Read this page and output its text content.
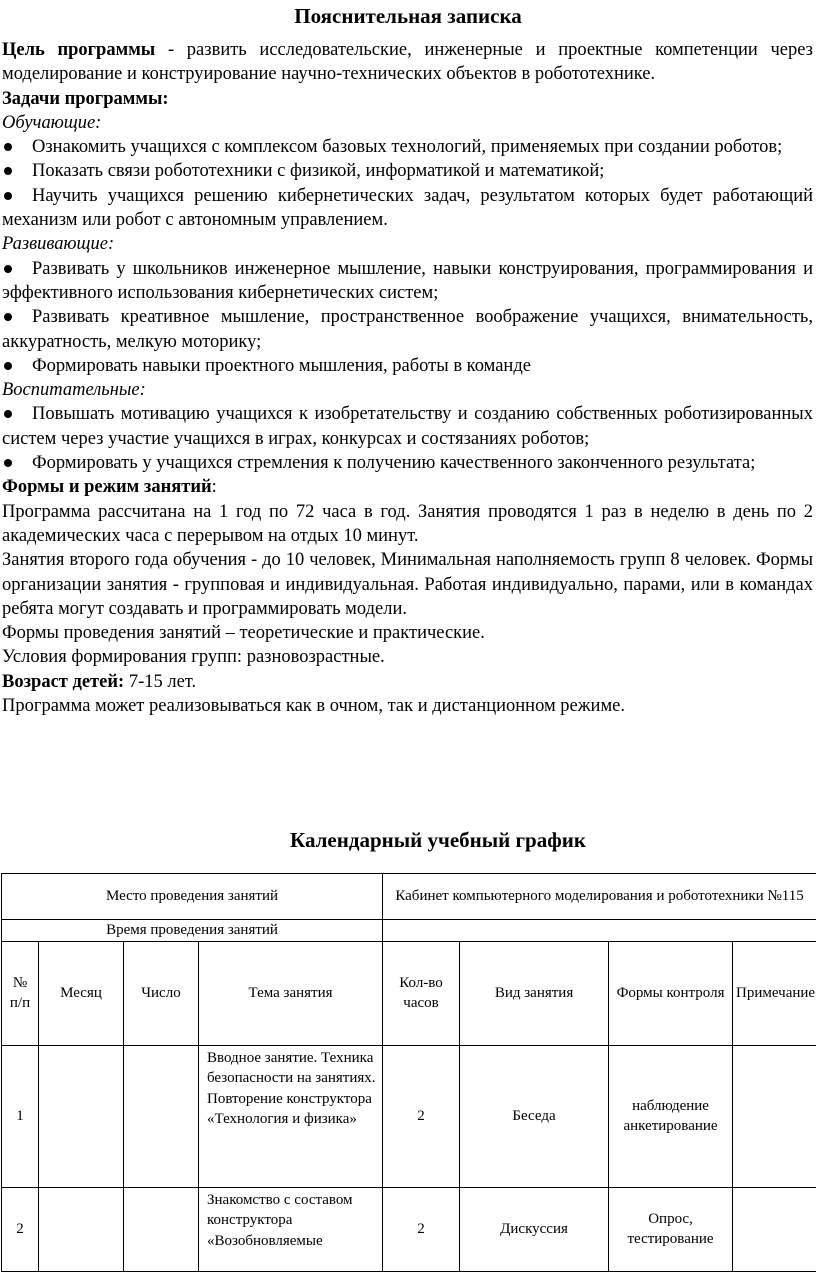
Пояснительная записка

Цель программы - развить исследовательские, инженерные и проектные компетенции через моделирование и конструирование научно-технических объектов в робототехнике.

Задачи программы:

Обучающие:

Ознакомить учащихся с комплексом базовых технологий, применяемых при создании роботов;

Показать связи робототехники с физикой, информатикой и математикой;

Научить учащихся решению кибернетических задач, результатом которых будет работающий механизм или робот с автономным управлением.

Развивающие:

Развивать у школьников инженерное мышление, навыки конструирования, программирования и эффективного использования кибернетических систем;

Развивать креативное мышление, пространственное воображение учащихся, внимательность, аккуратность, мелкую моторику;

Формировать навыки проектного мышления, работы в команде

Воспитательные:

Повышать мотивацию учащихся к изобретательству и созданию собственных роботизированных систем через участие учащихся в играх, конкурсах и состязаниях роботов;

Формировать у учащихся стремления к получению качественного законченного результата;

Формы и режим занятий:

Программа рассчитана на 1 год по 72 часа в год. Занятия проводятся 1 раз в неделю в день по 2 академических часа с перерывом на отдых 10 минут.

Занятия второго года обучения - до 10 человек, Минимальная наполняемость групп 8 человек. Формы организации занятия - групповая и индивидуальная. Работая индивидуально, парами, или в командах ребята могут создавать и программировать модели.

Формы проведения занятий – теоретические и практические.

Условия формирования групп: разновозрастные.

Возраст детей: 7-15 лет.

Программа может реализовываться как в очном, так и дистанционном режиме.

Календарный учебный график
Место проведения занятий				Кабинет компьютерного моделирования и робототехники №115			
Время проведения занятий							
№ п/п	Месяц	Число	Тема занятия	Кол-во часов	Вид занятия	Формы контроля	Примечание
1			Вводное занятие. Техника безопасности на занятиях. Повторение конструктора «Технология и физика»	2	Беседа	наблюдение анкетирование	
2			Знакомство с составом конструктора «Возобновляемые	2	Дискуссия	Опрос, тестирование	
